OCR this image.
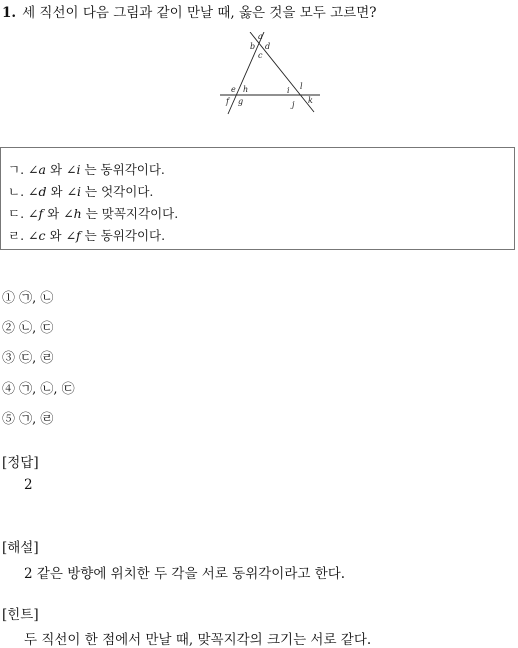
1. 세 직선이 다음 그림과 같이 만날 때, 옳은 것을 모두 고르면?
a
b d
c
e h
f g
i l
j k
ㄱ. ∠a 와 ∠i 는 동위각이다.
ㄴ. ∠d 와 ∠i 는 엇각이다.
ㄷ. ∠f 와 ∠h 는 맞꼭지각이다.
ㄹ. ∠c 와 ∠f 는 동위각이다.
① ㉠, ㉡
② ㉡, ㉢
③ ㉢, ㉣
④ ㉠, ㉡, ㉢
⑤ ㉠, ㉣
[정답]
2
[해설]
2 같은 방향에 위치한 두 각을 서로 동위각이라고 한다.
[힌트]
두 직선이 한 점에서 만날 때, 맞꼭지각의 크기는 서로 같다.
